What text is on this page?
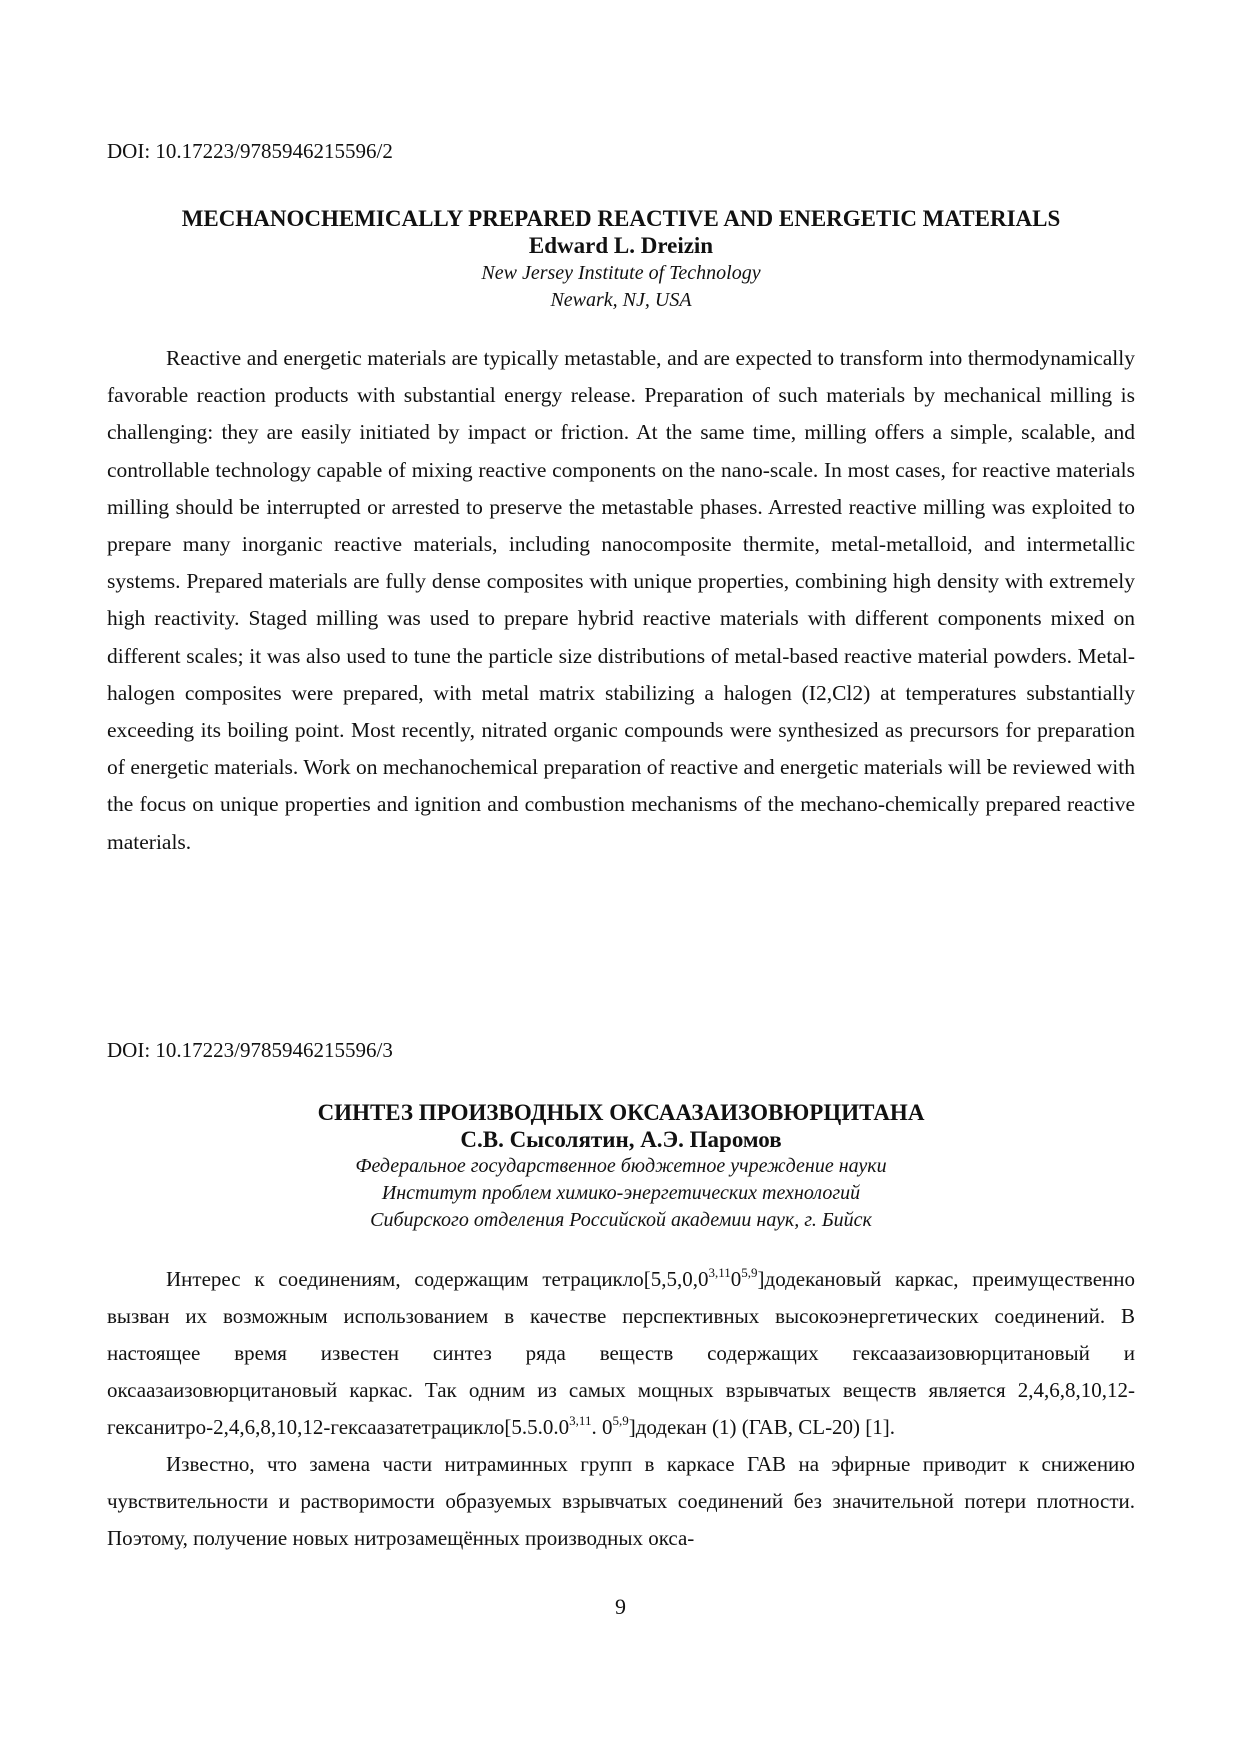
DOI: 10.17223/9785946215596/2
MECHANOCHEMICALLY PREPARED REACTIVE AND ENERGETIC MATERIALS
Edward L. Dreizin
New Jersey Institute of Technology
Newark, NJ, USA

Reactive and energetic materials are typically metastable, and are expected to transform into thermodynamically favorable reaction products with substantial energy release. Preparation of such materials by mechanical milling is challenging: they are easily initiated by impact or friction. At the same time, milling offers a simple, scalable, and controllable technology capable of mixing reactive components on the nano-scale. In most cases, for reactive materials milling should be interrupted or arrested to preserve the metastable phases. Arrested reactive milling was exploited to prepare many inorganic reactive materials, including nanocomposite thermite, metal-metalloid, and intermetallic systems. Prepared materials are fully dense composites with unique properties, combining high density with extremely high reactivity. Staged milling was used to prepare hybrid reactive materials with different components mixed on different scales; it was also used to tune the particle size distributions of metal-based reactive material powders. Metal-halogen composites were prepared, with metal matrix stabilizing a halogen (I2,Cl2) at temperatures substantially exceeding its boiling point. Most recently, nitrated organic compounds were synthesized as precursors for preparation of energetic materials. Work on mechanochemical preparation of reactive and energetic materials will be reviewed with the focus on unique properties and ignition and combustion mechanisms of the mechano-chemically prepared reactive materials.

DOI: 10.17223/9785946215596/3
СИНТЕЗ ПРОИЗВОДНЫХ ОКСААЗАИЗОВЮРЦИТАНА
С.В. Сысолятин, А.Э. Паромов
Федеральное государственное бюджетное учреждение науки
Институт проблем химико-энергетических технологий
Сибирского отделения Российской академии наук, г. Бийск

Интерес к соединениям, содержащим тетрацикло[5,5,0,0$^{3,11}$0$^{5,9}$]додекановый каркас, преимущественно вызван их возможным использованием в качестве перспективных высокоэнергетических соединений. В настоящее время известен синтез ряда веществ содержащих гексаазаизовюрцитановый и оксаазаизовюрцитановый каркас. Так одним из самых мощных взрывчатых веществ является 2,4,6,8,10,12-гексанитро-2,4,6,8,10,12-гексаазатетрацикло[5.5.0.0$^{3,11}$. 0$^{5,9}$]додекан (1) (ГАВ, CL-20) [1].

Известно, что замена части нитраминных групп в каркасе ГАВ на эфирные приводит к снижению чувствительности и растворимости образуемых взрывчатых соединений без значительной потери плотности. Поэтому, получение новых нитрозамещённых производных окса-

9
